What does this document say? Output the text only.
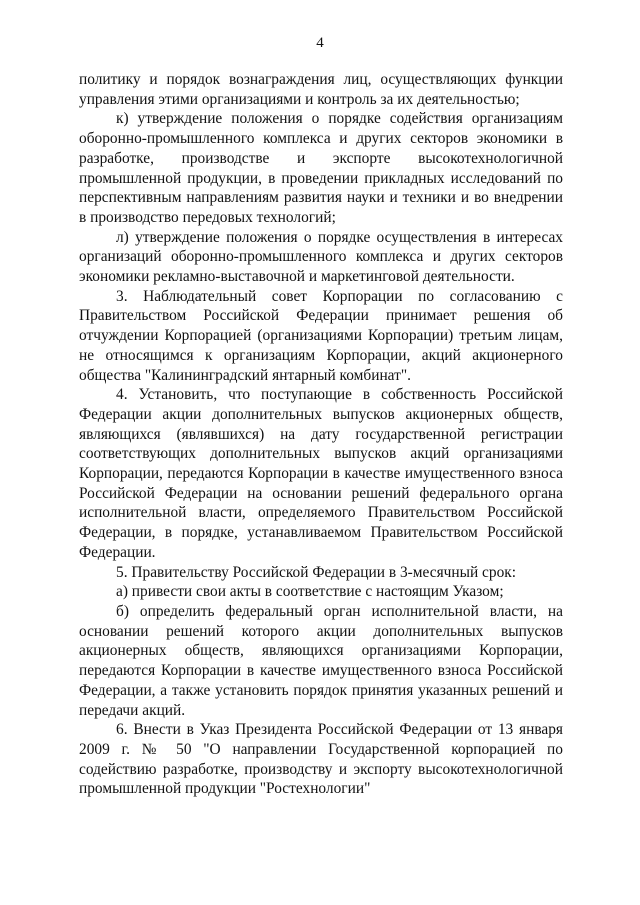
4

политику и порядок вознаграждения лиц, осуществляющих функции управления этими организациями и контроль за их деятельностью;

к) утверждение положения о порядке содействия организациям оборонно-промышленного комплекса и других секторов экономики в разработке, производстве и экспорте высокотехнологичной промышленной продукции, в проведении прикладных исследований по перспективным направлениям развития науки и техники и во внедрении в производство передовых технологий;

л) утверждение положения о порядке осуществления в интересах организаций оборонно-промышленного комплекса и других секторов экономики рекламно-выставочной и маркетинговой деятельности.

3. Наблюдательный совет Корпорации по согласованию с Правительством Российской Федерации принимает решения об отчуждении Корпорацией (организациями Корпорации) третьим лицам, не относящимся к организациям Корпорации, акций акционерного общества "Калининградский янтарный комбинат".

4. Установить, что поступающие в собственность Российской Федерации акции дополнительных выпусков акционерных обществ, являющихся (являвшихся) на дату государственной регистрации соответствующих дополнительных выпусков акций организациями Корпорации, передаются Корпорации в качестве имущественного взноса Российской Федерации на основании решений федерального органа исполнительной власти, определяемого Правительством Российской Федерации, в порядке, устанавливаемом Правительством Российской Федерации.

5. Правительству Российской Федерации в 3-месячный срок:

а) привести свои акты в соответствие с настоящим Указом;

б) определить федеральный орган исполнительной власти, на основании решений которого акции дополнительных выпусков акционерных обществ, являющихся организациями Корпорации, передаются Корпорации в качестве имущественного взноса Российской Федерации, а также установить порядок принятия указанных решений и передачи акций.

6. Внести в Указ Президента Российской Федерации от 13 января 2009 г. № 50 "О направлении Государственной корпорацией по содействию разработке, производству и экспорту высокотехнологичной промышленной продукции "Ростехнологии"
